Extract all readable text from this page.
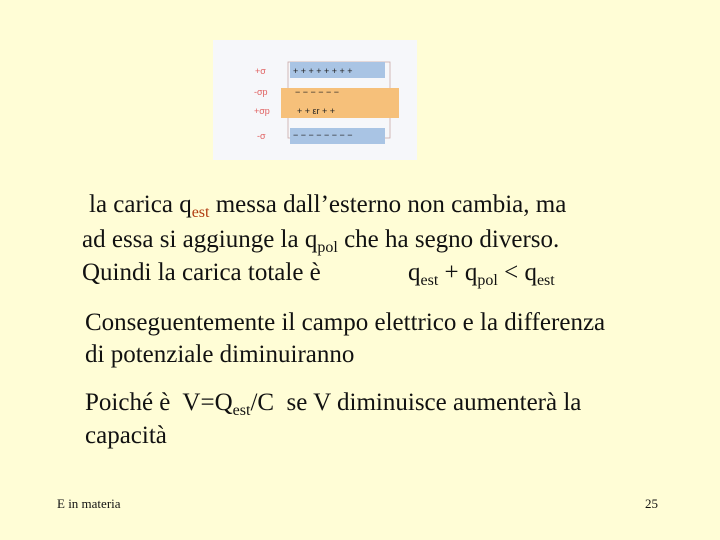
+σ
-σp
+σp
-σ
+ + + + + + + +
− − − − − −
+ + εr + +
− − − − − − − −
la carica $q_{est}$ messa dall’esterno non cambia, ma
ad essa si aggiunge la $q_{pol}$ che ha segno diverso.
Quindi la carica totale è	$q_{est} + q_{pol} < q_{est}$
Conseguentemente il campo elettrico e la differenza
di potenziale diminuiranno
Poiché è  $V=Q_{est}/C$  se V diminuisce aumenterà la
capacità
E in materia	25
